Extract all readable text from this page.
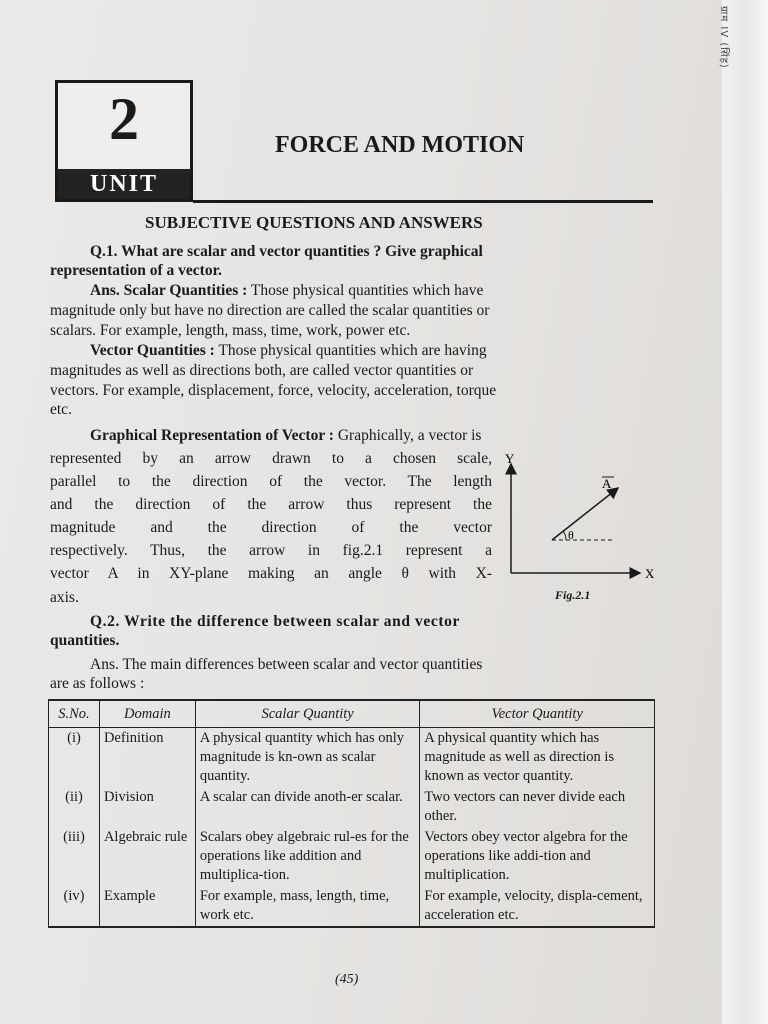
ग्राम IV (सिंह)
2
UNIT
FORCE AND MOTION
SUBJECTIVE QUESTIONS AND ANSWERS
Q.1. What are scalar and vector quantities ? Give graphical
representation of a vector.
Ans. Scalar Quantities : Those physical quantities which have
magnitude only but have no direction are called the scalar quantities or
scalars. For example, length, mass, time, work, power etc.
Vector Quantities : Those physical quantities which are having
magnitudes as well as directions both, are called vector quantities or
vectors. For example, displacement, force, velocity, acceleration, torque
etc.
Graphical Representation of Vector : Graphically, a vector is
represented by an arrow drawn to a chosen scale,
parallel to the direction of the vector. The length
and the direction of the arrow thus represent the
magnitude and the direction of the vector
respectively. Thus, the arrow in fig.2.1 represent a
vector A in XY-plane making an angle θ with X-
axis.
Y
X
A
θ
Fig.2.1
Q.2. Write the difference between scalar and vector
quantities.
Ans. The main differences between scalar and vector quantities
are as follows :
S.No.	Domain	Scalar Quantity	Vector Quantity
(i)	Definition	A physical quantity which has only magnitude is kn-own as scalar quantity.	A physical quantity which has magnitude as well as direction is known as vector quantity.
(ii)	Division	A scalar can divide anoth-er scalar.	Two vectors can never divide each other.
(iii)	Algebraic rule	Scalars obey algebraic rul-es for the operations like addition and multiplica-tion.	Vectors obey vector algebra for the operations like addi-tion and multiplication.
(iv)	Example	For example, mass, length, time, work etc.	For example, velocity, displa-cement, acceleration etc.
(45)
